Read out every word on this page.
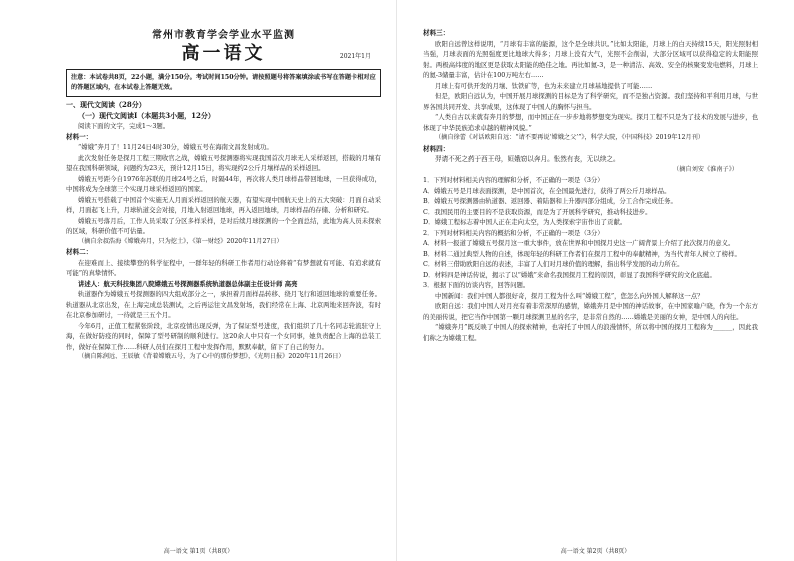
常州市教育学会学业水平监测
高一语文	2021年1月
注意：本试卷共8页，22小题，满分150分。考试时间150分钟。请按照题号将答案填涂或书写在答题卡相对应的答题区域内，在本试卷上答题无效。
一、现代文阅读（28分）
（一）现代文阅读Ⅰ（本题共3小题，12分）

阅读下面的文字，完成1～3题。

材料一：

“嫦娥”奔月了！11月24日4时30分，嫦娥五号在海南文昌发射成功。

此次发射任务是探月工程三期收官之战，嫦娥五号探测器将实现我国首次月球无人采样返回，搭载的月壤有望在我国科研领域，问题约为23天，预计12月15日，将实现约2公斤月壤样品的采样返回。

嫦娥五号距今自1976年苏联的月球24号之后，时隔44年，再次将人类月球样品带回地球，一旦获得成功，中国将成为全球第三个实现月球采样返回的国家。

嫦娥五号搭载了中国首个实施无人月面采样返回的航天器，有望实现中国航天史上的五大突破：月面自动采样，月面起飞上升，月球轨道交会对接，月地入射返回地球，再入返回地球，月球样品的存储、分析和研究。

嫦娥五号落月后，工作人员采取了分区多样采样，是对后续月球探测的一个全面总结，此地为高人员未探索的区域，科研价值不可估量。

（摘自余叔浩海《嫦娥奔月，只为挖土》，《第一财经》2020年11月27日）

材料二：

在迎难而上、接续攀登的科学征程中，一群年轻的科研工作者用行动诠释着“有梦想就有可能、有追求就有可能”的真挚情怀。

讲述人：航天科技集团八院嫦娥五号探测器系统轨道器总体副主任设计师 高亮

轨道器作为嫦娥五号探测器的四大组成部分之一，承担着月面样品转移、绕月飞行和返回地球的重要任务。轨道器从北京出发，在上海完成总装测试，之后再运往文昌发射场，我们经常在上海、北京两地来回奔波，有时在北京参加研讨，一待就是三五个月。

今年6月，正值工程紧张阶段，北京疫情出现反弹，为了保证型号进度，我们组织了几十名同志轮流驻守上海，在做好防疫的同时，保障了型号研制的顺利进行。这20余人中只有一个女同事，她负责配合上海的总装工作，做好在保障工作……科研人员们在探月工程中发挥作用，默默奉献，留下了自己的努力。

（摘自陈润远、王辰敏《背着嫦娥五号，为了心中的那份梦想》，《光明日报》2020年11月26日）

高一语文 第1页（共8页）
材料三：

欧阳自远曾这样说明，“月球有丰富的能源，这个是全球共识。”比如太阳能，月球上的白天持续15天，阳光照射相当强，月球表面的光照强度更比地球大得多；月球上没有大气，光照不会削弱，大部分区域可以获得稳定的太阳能照射。两极高纬度的地区更是获取太阳能的绝佳之地。再比如氦-3，是一种清洁、高效、安全的核聚变发电燃料，月球上的氦-3储量丰富，估计在100万吨左右……

月球上有可供开发的月壤、钛铁矿等，也为未来建立月球基地提供了可能……

但是，欧阳自远认为，中国开展月球探测的目标是为了科学研究，而不是独占资源。我们坚持和平利用月球，与世界各国共同开发、共享成果，这体现了中国人的胸怀与担当。

“人类自古以来就有奔月的梦想，而中国正在一步步地将梦想变为现实。探月工程不只是为了技术的发展与进步，也体现了中华民族追求卓越的精神风貌。”

（摘自徐蕾《对话欧阳自远：“请不要再说‘嫦娥之父’”》，科学大院，《中国科技》2019年12月刊）

材料四：

羿请不死之药于西王母，姮娥窃以奔月。怅然有丧，无以续之。

（摘自刘安《淮南子》）

1．下列对材料相关内容的理解和分析，不正确的一项是（3分）

A．嫦娥五号是月球表面探测，是中国首次，在全国最先进行，获得了两公斤月球样品。

B．嫦娥五号探测器由轨道器、返回器、着陆器和上升器四部分组成，分工合作完成任务。

C．我国民用的主要目的不是获取资源，而是为了开展科学研究，推动科技进步。

D．嫦娥工程标志着中国人正在走向太空，为人类探索宇宙作出了贡献。

2．下列对材料相关内容的概括和分析，不正确的一项是（3分）

A．材料一报道了嫦娥五号探月这一重大事件，放在世界和中国探月史这一广阔背景上介绍了此次探月的意义。

B．材料二通过典型人物的自述，体现年轻的科研工作者们在探月工程中的奉献精神，为当代青年人树立了榜样。

C．材料三借助欧阳自远的表述，丰富了人们对月球价值的理解，指出科学发展的动力所在。

D．材料四是神话传说，揭示了以“嫦娥”来命名我国探月工程的原因，彰显了我国科学研究的文化底蕴。

3．根据下面的访谈内容，回答问题。

中国新闻：我们中国人都很好奇，探月工程为什么叫“嫦娥工程”，您怎么向外国人解释这一点？

欧阳自远：我们中国人对月亮有着非常深厚的感情，嫦娥奔月是中国的神话故事，在中国家喻户晓，作为一个东方的美丽传说，把它当作中国第一颗月球探测卫星的名字，是非常自然的……嫦娥是美丽的女神，是中国人的向往。

“嫦娥奔月”既反映了中国人的探索精神，也寄托了中国人的浪漫情怀，所以将中国的探月工程称为______，因此我们称之为嫦娥工程。

高一语文 第2页（共8页）
